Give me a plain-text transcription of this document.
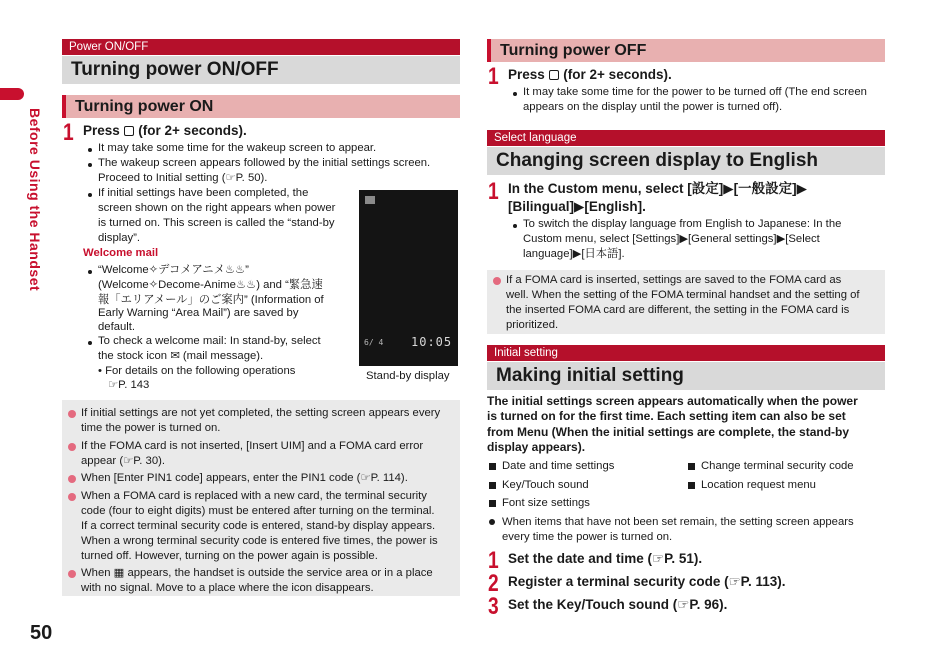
Before Using the Handset
50
Power ON/OFF
Turning power ON/OFF
Turning power ON
1 Press  (for 2+ seconds).
It may take some time for the wakeup screen to appear.
The wakeup screen appears followed by the initial settings screen.
Proceed to Initial setting (☞P. 50).
If initial settings have been completed, the
screen shown on the right appears when power
is turned on. This screen is called the “stand-by
display”.
Welcome mail
“Welcome✧デコメアニメ♨♨”
(Welcome✧Decome-Anime♨♨) and “緊急速
報「エリアメール」のご案内” (Information of
Early Warning “Area Mail”) are saved by
default.
To check a welcome mail: In stand-by, select
the stock icon ✉ (mail message).
• For details on the following operations
☞P. 143
6/ 4 10:05
Stand-by display
If initial settings are not yet completed, the setting screen appears every
time the power is turned on.
If the FOMA card is not inserted, [Insert UIM] and a FOMA card error
appear (☞P. 30).
When [Enter PIN1 code] appears, enter the PIN1 code (☞P. 114).
When a FOMA card is replaced with a new card, the terminal security
code (four to eight digits) must be entered after turning on the terminal.
If a correct terminal security code is entered, stand-by display appears.
When a wrong terminal security code is entered five times, the power is
turned off. However, turning on the power again is possible.
When ▦ appears, the handset is outside the service area or in a place
with no signal. Move to a place where the icon disappears.
Turning power OFF
1 Press  (for 2+ seconds).
It may take some time for the power to be turned off (The end screen
appears on the display until the power is turned off).
Select language
Changing screen display to English
1 In the Custom menu, select [設定]▶[一般設定]▶
[Bilingual]▶[English].
To switch the display language from English to Japanese: In the
Custom menu, select [Settings]▶[General settings]▶[Select
language]▶[日本語].
If a FOMA card is inserted, settings are saved to the FOMA card as
well. When the setting of the FOMA terminal handset and the setting of
the inserted FOMA card are different, the setting in the FOMA card is
prioritized.
Initial setting
Making initial setting
The initial settings screen appears automatically when the power
is turned on for the first time. Each setting item can also be set
from Menu (When the initial settings are complete, the stand-by
display appears).
Date and time settings	Change terminal security code
Key/Touch sound	Location request menu
Font size settings
When items that have not been set remain, the setting screen appears
every time the power is turned on.
1 Set the date and time (☞P. 51).
2 Register a terminal security code (☞P. 113).
3 Set the Key/Touch sound (☞P. 96).
